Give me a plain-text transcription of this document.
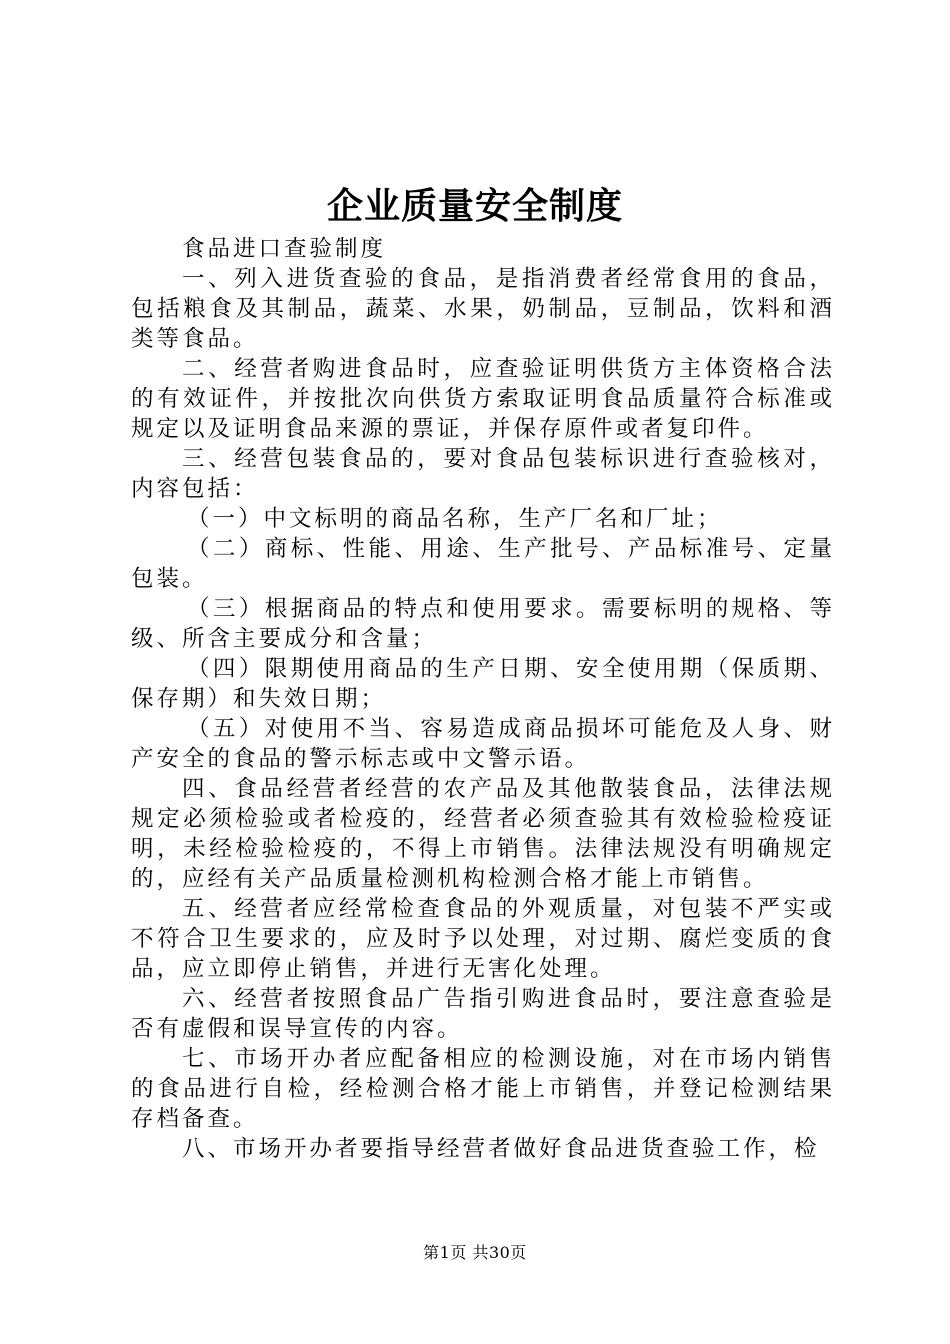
企业质量安全制度

食品进口查验制度

一、列入进货查验的食品，是指消费者经常食用的食品，包括粮食及其制品，蔬菜、水果，奶制品，豆制品，饮料和酒类等食品。

二、经营者购进食品时，应查验证明供货方主体资格合法的有效证件，并按批次向供货方索取证明食品质量符合标准或规定以及证明食品来源的票证，并保存原件或者复印件。

三、经营包装食品的，要对食品包装标识进行查验核对，内容包括：

（一）中文标明的商品名称，生产厂名和厂址；

（二）商标、性能、用途、生产批号、产品标准号、定量包装。

（三）根据商品的特点和使用要求。需要标明的规格、等级、所含主要成分和含量；

（四）限期使用商品的生产日期、安全使用期（保质期、保存期）和失效日期；

（五）对使用不当、容易造成商品损坏可能危及人身、财产安全的食品的警示标志或中文警示语。

四、食品经营者经营的农产品及其他散装食品，法律法规规定必须检验或者检疫的，经营者必须查验其有效检验检疫证明，未经检验检疫的，不得上市销售。法律法规没有明确规定的，应经有关产品质量检测机构检测合格才能上市销售。

五、经营者应经常检查食品的外观质量，对包装不严实或不符合卫生要求的，应及时予以处理，对过期、腐烂变质的食品，应立即停止销售，并进行无害化处理。

六、经营者按照食品广告指引购进食品时，要注意查验是否有虚假和误导宣传的内容。

七、市场开办者应配备相应的检测设施，对在市场内销售的食品进行自检，经检测合格才能上市销售，并登记检测结果存档备查。

八、市场开办者要指导经营者做好食品进货查验工作，检

第1页 共30页
